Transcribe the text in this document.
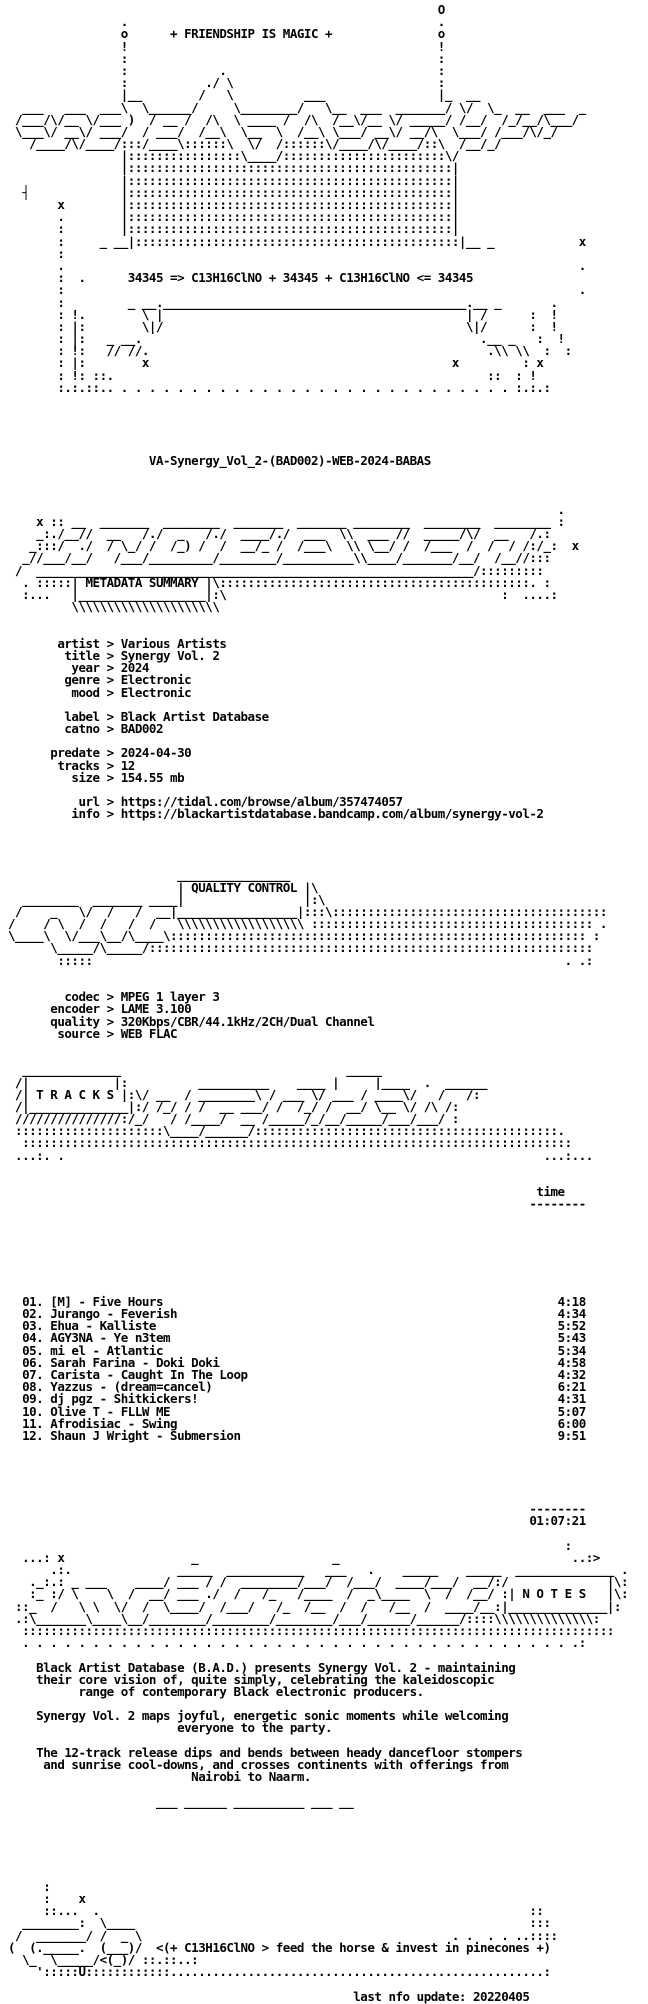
O
.                                            .
o      + FRIENDSHIP IS MAGIC +               o
!                                            !
:                                            :
:             .                              :
:           ./ \                             :
|__        /   \          ___                |_  __
___   ___  ___\  \______/     \________/   \__  ___  _______/ \/  \_  __  ___  _
/___/\/__ \/___ )  / __ /  /\  \ ____ /  /\  /__\/__ \/ _____/ /__/  /_/__/\___/
\___\/ __\/ ___/  / ___/  /__\  \__  \  /__\ \___/ __\/ __/\  \___/ /___/\/_/
/____/\/____/:::/____\::::::\  \/  /::::::\/____/\/____/::\  /__/_/
|::::::::::::::::\____/:::::::::::::::::::::::\/
|::::::::::::::::::::::::::::::::::::::::::::::|
|::::::::::::::::::::::::::::::::::::::::::::::|
┤             |::::::::::::::::::::::::::::::::::::::::::::::|
x        |::::::::::::::::::::::::::::::::::::::::::::::|
.        |::::::::::::::::::::::::::::::::::::::::::::::|
:        |::::::::::::::::::::::::::::::::::::::::::::::|
:     _ __|::::::::::::::::::::::::::::::::::::::::::::::|__ _            x
:
.                                                                         .
:  .      34345 => C13H16ClNO + 34345 + C13H16ClNO <= 34345
:                                                                         .
:         _ __.___________________________________________.__ _       .
: !.        \ |                                           | /      :  !
: |:        \|/                                           \|/      :  !
: |:   _ __.                                                .__ _   :  !
: !:   // //.                                                .\\ \\  :  :
: |:        x                                           x         : x
: !: ::.                                                     ::  : !
:.:.::.. . . . . . . . . . . . . . . . . . . . . . . . . . . . . :.:.:
VA-Synergy_Vol_2-(BAD002)-WEB-2024-BABAS
.
x :: __  _______  ________  _______  _______ ________  ________  ________ :
_:./__//  __   /./  _   /./  ____/./  ___  \\  ___ //  _____/\/  __   /.:
_:::/  ./  / \_/ /  /_) /  /  __/_ /  /___\  \\ \__/ /  /___  /  /  / /:/_:  x
_//___/__/   /___/_________/________/__________\\____/_______/__/  /__//:::
/  ______________________________________________________________/:::::::::
. :::::| METADATA SUMMARY |\::::::::::::::::::::::::::::::::::::::::::::. :
:...   |__________________|:\                                       :  ....:
\\\\\\\\\\\\\\\\\\\\\
artist > Various Artists
title > Synergy Vol. 2
year > 2024
genre > Electronic
mood > Electronic
label > Black Artist Database
catno > BAD002
predate > 2024-04-30
tracks > 12
size > 154.55 mb
url > https://tidal.com/browse/album/357474057
info > https://blackartistdatabase.bandcamp.com/album/synergy-vol-2
________________
| QUALITY CONTROL |\
________  _______ ____|                 |:\
/    _   \/  /   /  __|_________________|:::\:::::::::::::::::::::::::::::::::::::::
/    / \  /  /   /  /   \\\\\\\\\\\\\\\\\\ :::::::::::::::::::::::::::::::::::::::: .
\____\  \/___\__/\____\::::::::::::::::::::::::::::::::::::::::::::::::::::::::::: :
\_____/\_____/:::::::::::::::::::::::::::::::::::::::::::::::::::::::::::::::
:::::                                                                   . .:
codec > MPEG 1 layer 3
encoder > LAME 3.100
quality > 320Kbps/CBR/44.1kHz/2CH/Dual Channel
source > WEB FLAC
______________                                _____
/|            |:          __________    ____ |     |____  .  ______
/| T R A C K S |:\/ __  / ________\ / ___ \/ ___ / ____\/   /   /:
/|______________|:/ /_/ / /  __ ___/ /  /_/ /  __/ \__ \/ /\ /:
///////////////:/_/   / /____/  __ /_____/_/__/_____/___/___/ :
:::::::::::::::::::::\____/______/:::::::::::::::::::::::::::::::::::::::::::.
::::::::::::::::::::::::::::::::::::::::::::::::::::::::::::::::::::::::::::::
...:. .                                                                    ...:...
time
--------
01. [M] - Five Hours	4:18
02. Jurango - Feverish	4:34
03. Ehua - Kalliste	5:52
04. AGY3NA - Ye n3tem	5:43
05. mi el - Atlantic	5:34
06. Sarah Farina - Doki Doki	4:58
07. Carista - Caught In The Loop	4:32
08. Yazzus - (dream=cancel)	6:21
09. dj pgz - Shitkickers!	4:31
10. Olive T - FLLW ME	5:07
11. Afrodisiac - Swing	6:00
12. Shaun J Wright - Submersion	9:51
--------
01:07:21
:
...: x                  _                   _                                 ..:>
.:.               _____  ___________   ___   .    _____    _____  ______________ .
._:.: _ ___    ____/ ___ / /  ________/___/  /___/  ____/___/  __/:/              |\:
:_ :/ \    \  /  __/ ___ ./  /   /_   /____  /  _\____  \  /  /__/ :| N O T E S   |\:
::_  /   \ \  \/  /  \____/  /___/   /_  /__  /  /   /__  /  ____/__:|______________|:
.:\_______\____\__/________/________/________/___/______/______/::::\\\\\\\\\\\\\\:
::::::::::::::::::::::::::::::::::::::::::::::::::::::::::::::::::::::::::::::::::::
. . . . . . . . . . . . . . . . . . . . . . . . . . . . . . . . . . . . . . . .:
Black Artist Database (B.A.D.) presents Synergy Vol. 2 - maintaining
their core vision of, quite simply, celebrating the kaleidoscopic
range of contemporary Black electronic producers.
Synergy Vol. 2 maps joyful, energetic sonic moments while welcoming
everyone to the party.
The 12-track release dips and bends between heady dancefloor stompers
and sunrise cool-downs, and crosses continents with offerings from
Nairobi to Naarm.
___ ______ __________ ___ __
:
:    x
::...  .                                                             ::
________:  \____                                                        :::
/  _______/ /  _ \                                            . .  . . ..::::
(  (._____.  (___)/  <(+ C13H16ClNO > feed the horse & invest in pinecones +)
\_  \_____/<(_)/ ::.::..:
':::::U::::::::::::.....................................................:
last nfo update: 20220405
